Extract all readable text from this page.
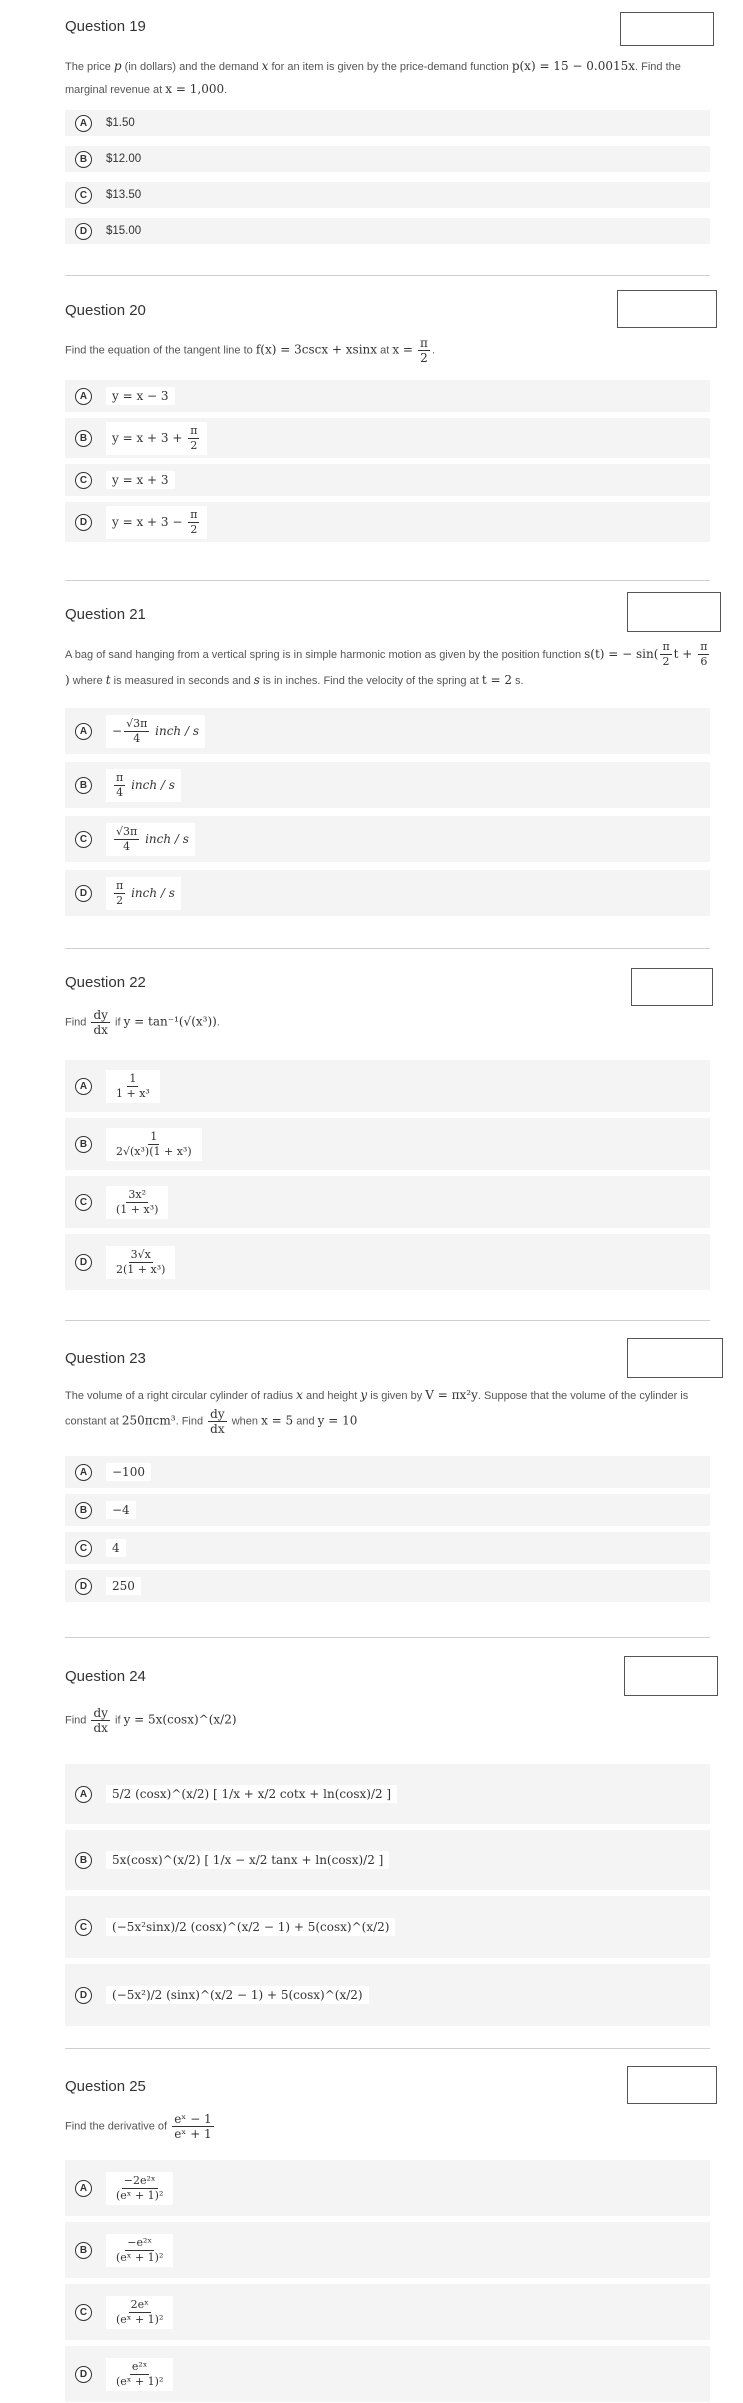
Question 19
The price p (in dollars) and the demand x for an item is given by the price-demand function p(x) = 15 − 0.0015x. Find the marginal revenue at x = 1,000.
A	$1.50
B	$12.00
C	$13.50
D	$15.00
Question 20
Find the equation of the tangent line to f(x) = 3cscx + xsinx at $x = \frac{\pi}{2}$ .
A	y = x − 3
B	y = x + 3 +
$\frac{\pi}{2}$
C	y = x + 3
D	y = x + 3 −
$\frac{\pi}{2}$
Question 21
A bag of sand hanging from a vertical spring is in simple harmonic motion as given by the position function s(t) = − $\sin( \frac{\pi}{2}$ $t + \frac{\pi}{6}$
) where t is measured in seconds and s is in inches. Find the velocity of the spring at t = 2 s.
A	− $\frac{√3\pi}{4}$
inch / s
B	$\frac{\pi}{4}$
inch / s
C	$\frac{√3\pi}{4}$
inch / s
D	$\frac{\pi}{2}$
inch / s
Question 22
Find $\frac{dy}{dx}$ if y = tan⁻¹(√(x³)).
A	$\frac{1}{\text{1 + x³}}$
B	$\frac{1}{\text{2√(x³)(1 + x³)}}$
C	$\frac{\text{3x²}}{\text{(1 + x³)}}$
D	$\frac{3√x}{\text{2(1 + x³)}}$
Question 23
The volume of a right circular cylinder of radius x and height y is given by V = πx²y. Suppose that the volume of the cylinder is constant at 250πcm³. Find $\frac{dy}{dx}$ when x = 5 and y = 10
A	−100
B	−4
C	4
D	250
Question 24
Find $\frac{dy}{dx}$ if y = 5x(cosx)^(x/2)
A	5/2 (cosx)^(x/2) [ 1/x + x/2 cotx + ln(cosx)/2 ]
B	5x(cosx)^(x/2) [ 1/x − x/2 tanx + ln(cosx)/2 ]
C	(−5x²sinx)/2 (cosx)^(x/2 − 1) + 5(cosx)^(x/2)
D	(−5x²)/2 (sinx)^(x/2 − 1) + 5(cosx)^(x/2)
Question 25
Find the derivative of $\frac{\text{eˣ − 1}}{\text{eˣ + 1}}$
A	$\frac{\text{−2e²ˣ}}{\text{(eˣ + 1)²}}$
B	$\frac{\text{−e²ˣ}}{\text{(eˣ + 1)²}}$
C	$\frac{\text{2eˣ}}{\text{(eˣ + 1)²}}$
D	$\frac{\text{e²ˣ}}{\text{(eˣ + 1)²}}$
